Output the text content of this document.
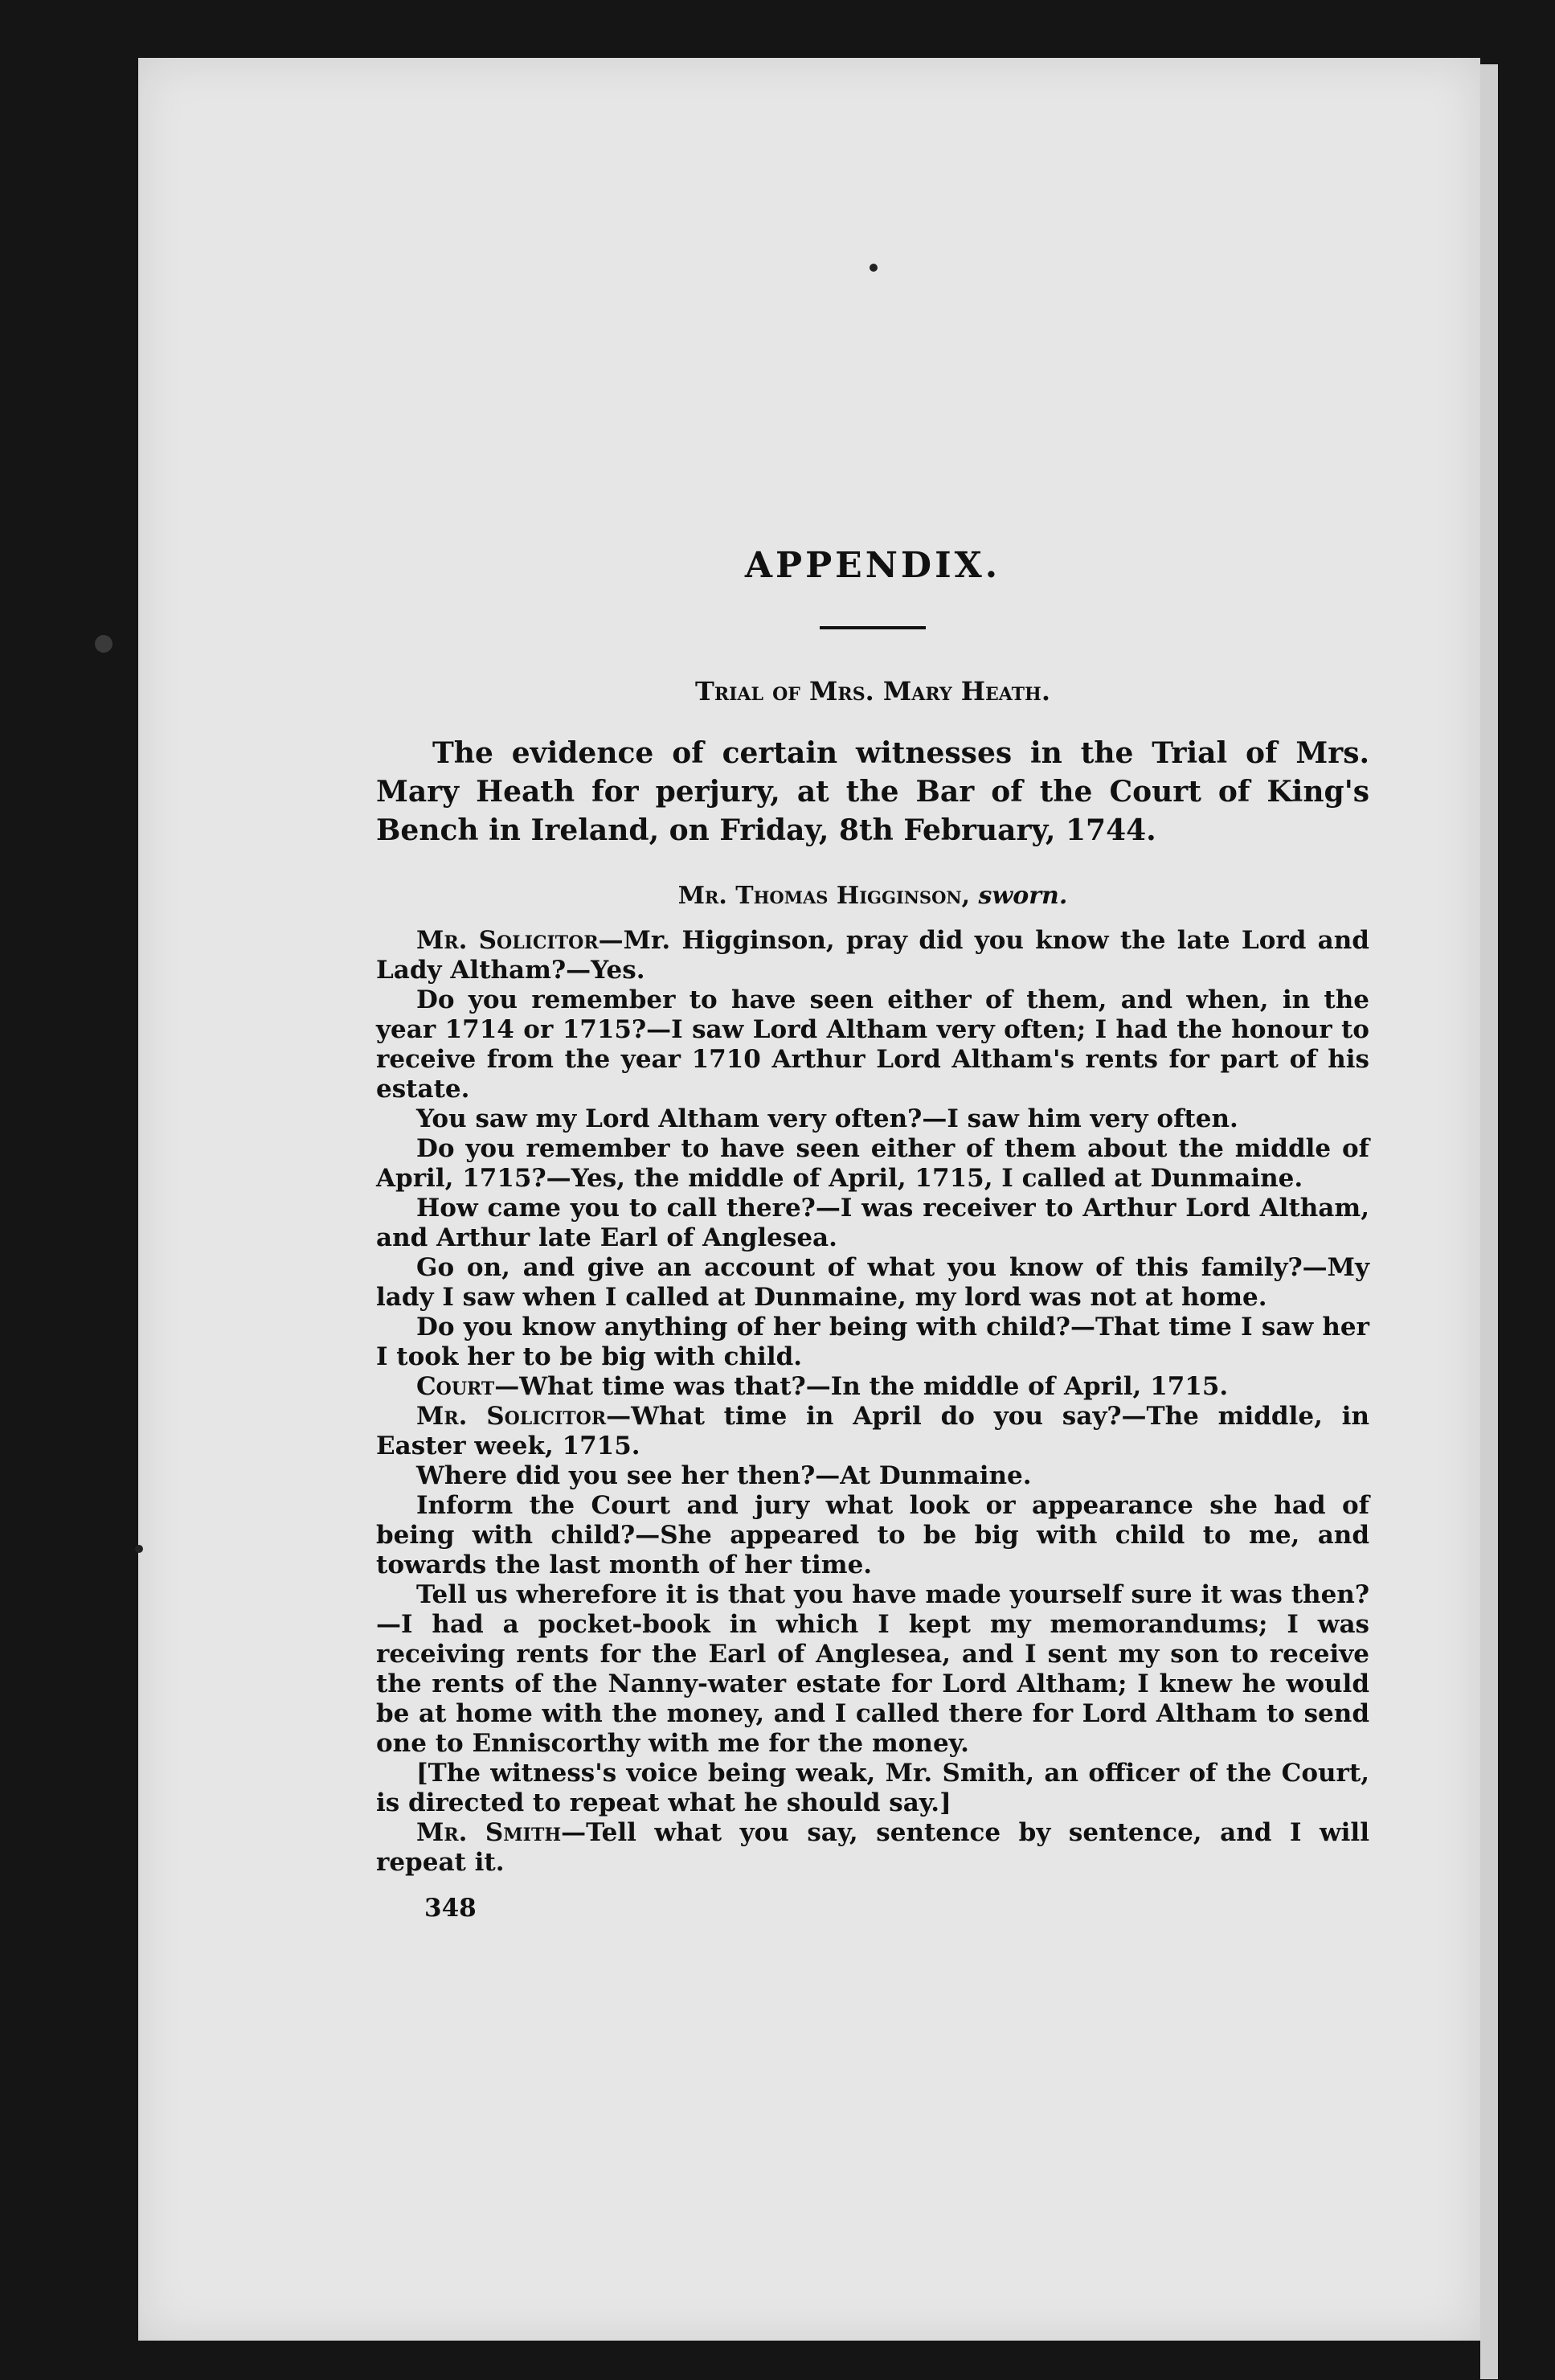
APPENDIX.
Trial of Mrs. Mary Heath.

The evidence of certain witnesses in the Trial of Mrs. Mary Heath for perjury, at the Bar of the Court of King's Bench in Ireland, on Friday, 8th February, 1744.

Mr. Thomas Higginson, sworn.

Mr. Solicitor—Mr. Higginson, pray did you know the late Lord and Lady Altham?—Yes.

Do you remember to have seen either of them, and when, in the year 1714 or 1715?—I saw Lord Altham very often; I had the honour to receive from the year 1710 Arthur Lord Altham's rents for part of his estate.

You saw my Lord Altham very often?—I saw him very often.

Do you remember to have seen either of them about the middle of April, 1715?—Yes, the middle of April, 1715, I called at Dunmaine.

How came you to call there?—I was receiver to Arthur Lord Altham, and Arthur late Earl of Anglesea.

Go on, and give an account of what you know of this family?—My lady I saw when I called at Dunmaine, my lord was not at home.

Do you know anything of her being with child?—That time I saw her I took her to be big with child.

Court—What time was that?—In the middle of April, 1715.

Mr. Solicitor—What time in April do you say?—The middle, in Easter week, 1715.

Where did you see her then?—At Dunmaine.

Inform the Court and jury what look or appearance she had of being with child?—She appeared to be big with child to me, and towards the last month of her time.

Tell us wherefore it is that you have made yourself sure it was then?—I had a pocket-book in which I kept my memorandums; I was receiving rents for the Earl of Anglesea, and I sent my son to receive the rents of the Nanny-water estate for Lord Altham; I knew he would be at home with the money, and I called there for Lord Altham to send one to Enniscorthy with me for the money.

[The witness's voice being weak, Mr. Smith, an officer of the Court, is directed to repeat what he should say.]

Mr. Smith—Tell what you say, sentence by sentence, and I will repeat it.

348
